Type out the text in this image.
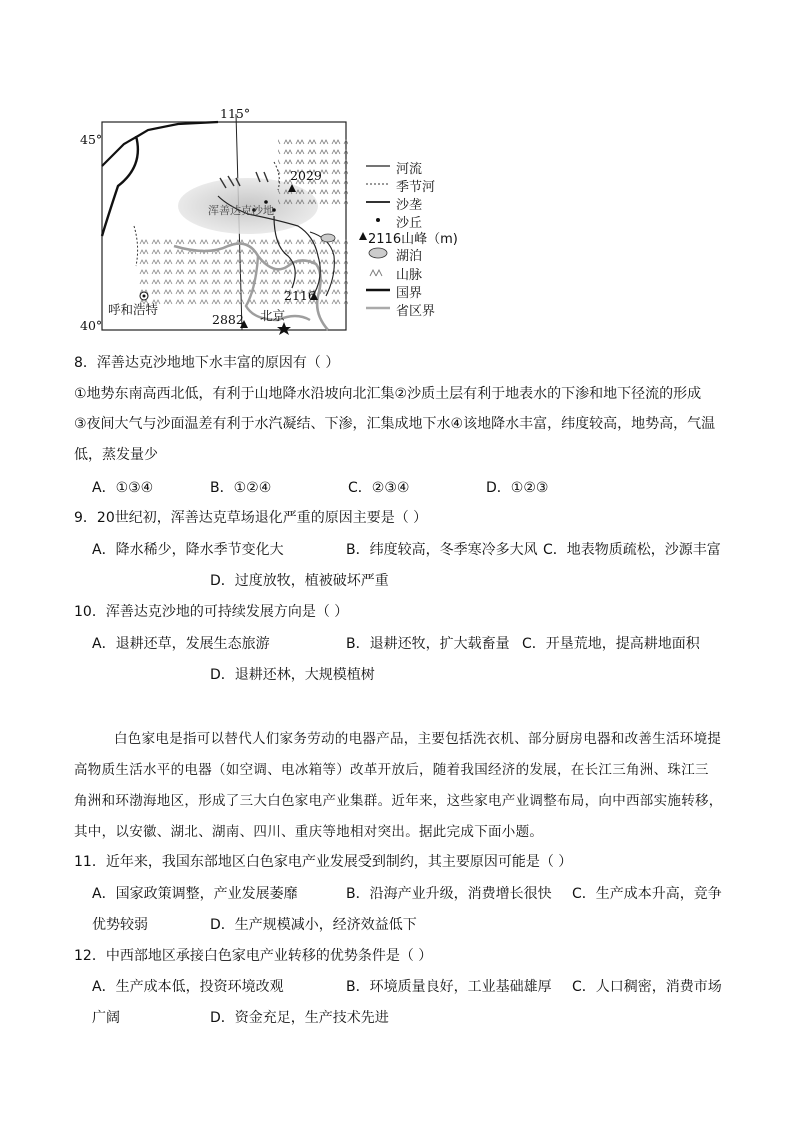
115°
45°
40°
浑善达克沙地
2029
2116
2882
呼和浩特	北京
河流
季节河
沙垄
沙丘
2116山峰（m)
湖泊
山脉
国界
省区界
8．浑善达克沙地地下水丰富的原因有（ ）
①地势东南高西北低，有利于山地降水沿坡向北汇集②沙质土层有利于地表水的下渗和地下径流的形成
③夜间大气与沙面温差有利于水汽凝结、下渗，汇集成地下水④该地降水丰富，纬度较高，地势高，气温
低，蒸发量少
A．①③④	B．①②④	C．②③④	D．①②③
9．20世纪初，浑善达克草场退化严重的原因主要是（ ）
A．降水稀少，降水季节变化大	B．纬度较高，冬季寒冷多大风 C．地表物质疏松，沙源丰富
D．过度放牧，植被破坏严重
10．浑善达克沙地的可持续发展方向是（ ）
A．退耕还草，发展生态旅游	B．退耕还牧，扩大载畜量 C．开垦荒地，提高耕地面积
D．退耕还林，大规模植树
白色家电是指可以替代人们家务劳动的电器产品，主要包括洗衣机、部分厨房电器和改善生活环境提
高物质生活水平的电器（如空调、电冰箱等）改革开放后，随着我国经济的发展，在长江三角洲、珠江三
角洲和环渤海地区，形成了三大白色家电产业集群。近年来，这些家电产业调整布局，向中西部实施转移，
其中，以安徽、湖北、湖南、四川、重庆等地相对突出。据此完成下面小题。
11．近年来，我国东部地区白色家电产业发展受到制约，其主要原因可能是（ ）
A．国家政策调整，产业发展萎靡	B．沿海产业升级，消费增长很快 C．生产成本升高，竞争
优势较弱	D．生产规模减小，经济效益低下
12．中西部地区承接白色家电产业转移的优势条件是（ ）
A．生产成本低，投资环境改观	B．环境质量良好，工业基础雄厚 C．人口稠密，消费市场
广阔	D．资金充足，生产技术先进
